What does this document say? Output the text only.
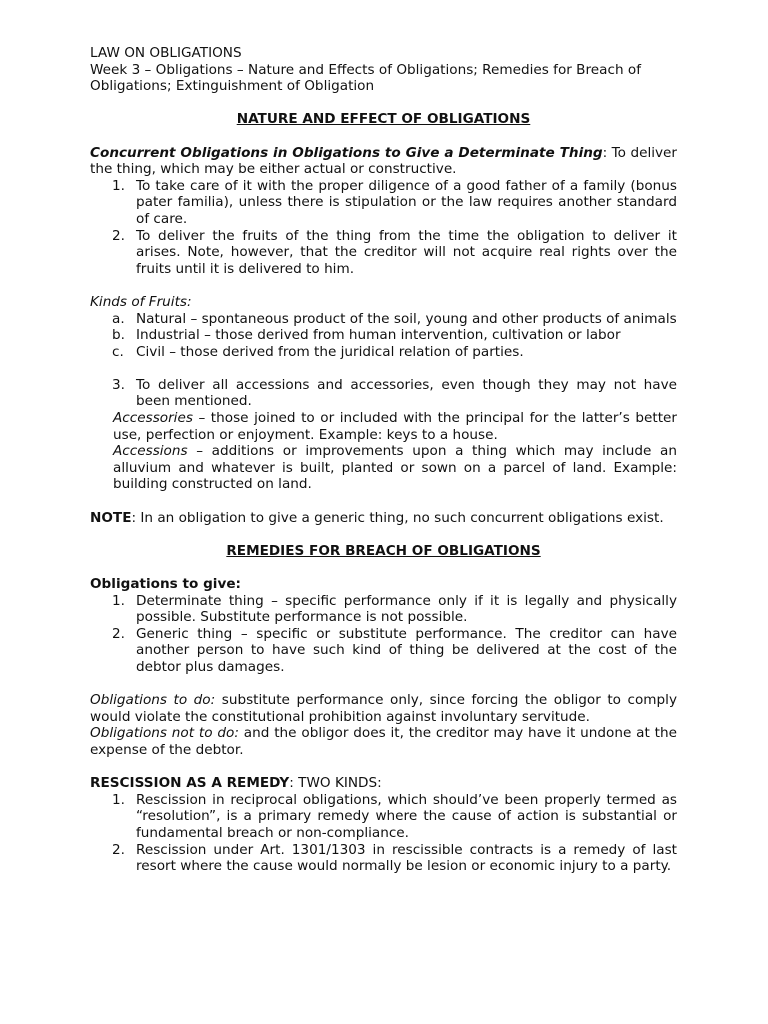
LAW ON OBLIGATIONS

Week 3 – Obligations – Nature and Effects of Obligations; Remedies for Breach of

Obligations; Extinguishment of Obligation

NATURE AND EFFECT OF OBLIGATIONS

Concurrent Obligations in Obligations to Give a Determinate Thing: To deliver the thing, which may be either actual or constructive.

1. To take care of it with the proper diligence of a good father of a family (bonus pater familia), unless there is stipulation or the law requires another standard of care.
2. To deliver the fruits of the thing from the time the obligation to deliver it arises. Note, however, that the creditor will not acquire real rights over the fruits until it is delivered to him.

Kinds of Fruits:

a. Natural – spontaneous product of the soil, young and other products of animals
b. Industrial – those derived from human intervention, cultivation or labor
c. Civil – those derived from the juridical relation of parties.
3. To deliver all accessions and accessories, even though they may not have been mentioned.

Accessories – those joined to or included with the principal for the latter’s better use, perfection or enjoyment. Example: keys to a house.

Accessions – additions or improvements upon a thing which may include an alluvium and whatever is built, planted or sown on a parcel of land. Example: building constructed on land.

NOTE: In an obligation to give a generic thing, no such concurrent obligations exist.

REMEDIES FOR BREACH OF OBLIGATIONS

Obligations to give:

1. Determinate thing – specific performance only if it is legally and physically possible. Substitute performance is not possible.
2. Generic thing – specific or substitute performance. The creditor can have another person to have such kind of thing be delivered at the cost of the debtor plus damages.

Obligations to do: substitute performance only, since forcing the obligor to comply would violate the constitutional prohibition against involuntary servitude.

Obligations not to do: and the obligor does it, the creditor may have it undone at the expense of the debtor.

RESCISSION AS A REMEDY: TWO KINDS:

1. Rescission in reciprocal obligations, which should’ve been properly termed as “resolution”, is a primary remedy where the cause of action is substantial or fundamental breach or non-compliance.
2. Rescission under Art. 1301/1303 in rescissible contracts is a remedy of last resort where the cause would normally be lesion or economic injury to a party.
